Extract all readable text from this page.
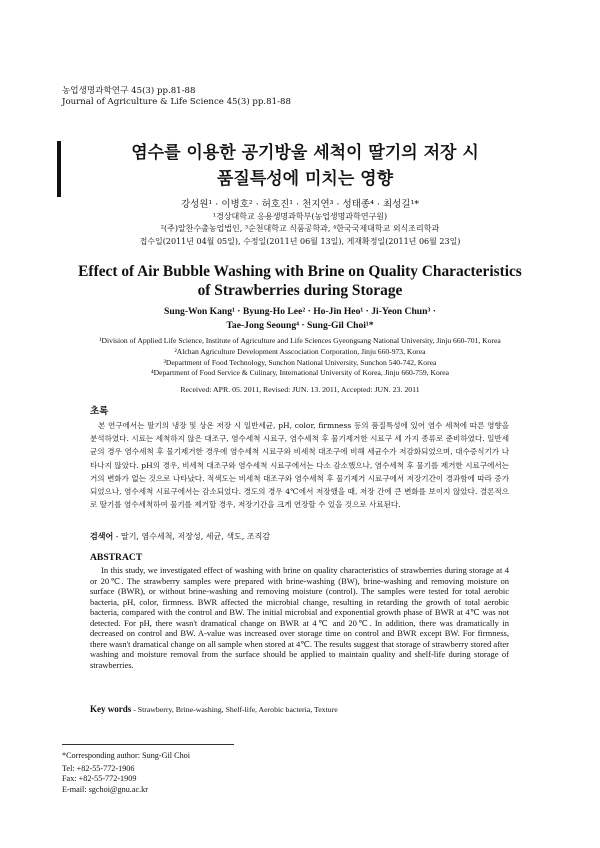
농업생명과학연구 45(3) pp.81-88
Journal of Agriculture & Life Science 45(3) pp.81-88
염수를 이용한 공기방울 세척이 딸기의 저장 시
품질특성에 미치는 영향
강성원¹ · 이병호² · 허호진¹ · 천지연³ · 성태종⁴ · 최성길¹*
¹경상대학교 응용생명과학부(농업생명과학연구원)
²(주)알찬수출농업법인, ³순천대학교 식품공학과, ⁴한국국제대학교 외식조리학과
접수일(2011년 04월 05일), 수정일(2011년 06월 13일), 게재확정일(2011년 06월 23일)
Effect of Air Bubble Washing with Brine on Quality Characteristics
of Strawberries during Storage
Sung-Won Kang¹ · Byung-Ho Lee² · Ho-Jin Heo¹ · Ji-Yeon Chun³ ·
Tae-Jong Seoung⁴ · Sung-Gil Choi¹*
¹Division of Applied Life Science, Institute of Agriculture and Life Sciences Gyeongsang National University, Jinju 660-701, Korea
²Alchan Agriculture Development Asscociation Corporation, Jinju 660-973, Korea
³Department of Food Technology, Sunchon National University, Sunchon 540-742, Korea
⁴Department of Food Service & Culinary, International University of Korea, Jinju 660-759, Korea
Received: APR. 05. 2011, Revised: JUN. 13. 2011, Accepted: JUN. 23. 2011
초록
본 연구에서는 딸기의 냉장 및 상온 저장 시 일반세균, pH, color, firmness 등의 품질특성에 있어 염수 세척에 따른 영향을 분석하였다. 시료는 세척하지 않은 대조구, 염수세척 시료구, 염수세척 후 물기제거한 시료구 세 가지 종류로 준비하였다. 일반세균의 경우 염수세척 후 물기제거한 경우에 염수세척 시료구와 비세척 대조구에 비해 세균수가 저감화되었으며, 대수증식기가 나타나지 않았다. pH의 경우, 비세척 대조구와 염수세척 시료구에서는 다소 감소했으나, 염수세척 후 물기를 제거한 시료구에서는 거의 변화가 없는 것으로 나타났다. 적색도는 비세척 대조구와 염수세척 후 물기제거 시료구에서 저장기간이 경과함에 따라 증가되었으나, 염수세척 시료구에서는 감소되었다. 경도의 경우 4℃에서 저장했을 때, 저장 간에 큰 변화를 보이지 않았다. 결론적으로 딸기를 염수세척하여 물기를 제거할 경우, 저장기간을 크게 연장할 수 있을 것으로 사료된다.
검색어 - 딸기, 염수세척, 저장성, 세균, 색도, 조직감
ABSTRACT
In this study, we investigated effect of washing with brine on quality characteristics of strawberries during storage at 4 or 20℃. The strawberry samples were prepared with brine-washing (BW), brine-washing and removing moisture on surface (BWR), or without brine-washing and removing moisture (control). The samples were tested for total aerobic bacteria, pH, color, firmness. BWR affected the microbial change, resulting in retarding the growth of total aerobic bacteria, compared with the control and BW. The initial microbial and exponential growth phase of BWR at 4℃ was not detected. For pH, there wasn't dramatical change on BWR at 4℃ and 20℃. In addition, there was dramatically in decreased on control and BW. A-value was increased over storage time on control and BWR except BW. For firmness, there wasn't dramatical change on all sample when stored at 4℃. The results suggest that storage of strawberry stored after washing and moisture removal from the surface should be applied to maintain quality and shelf-life during storage of strawberries.
Key words - Strawberry, Brine-washing, Shelf-life, Aerobic bacteria, Texture
*Corresponding author: Sung-Gil Choi
Tel: +82-55-772-1906
Fax: +82-55-772-1909
E-mail: sgchoi@gnu.ac.kr
